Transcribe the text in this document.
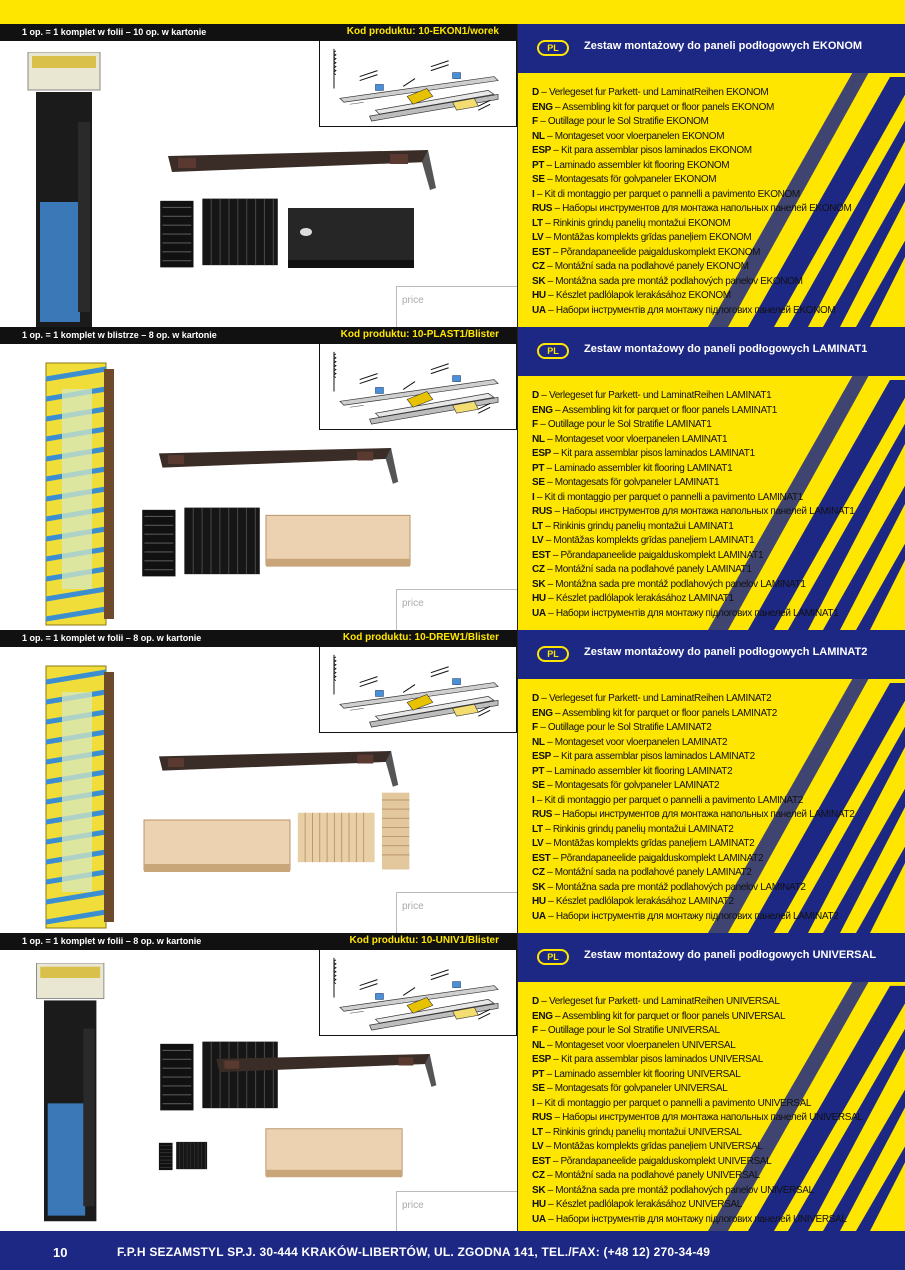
1 op. = 1 komplet w folii – 10 op. w kartonie	Kod produktu: 10-EKON1/worek
price
PL	Zestaw montażowy do paneli podłogowych EKONOM
D – Verlegeset fur Parkett- und LaminatReihen EKONOM
ENG – Assembling kit for parquet or floor panels EKONOM
F – Outillage pour le Sol Stratifie EKONOM
NL – Montageset voor vloerpanelen EKONOM
ESP – Kit para assemblar pisos laminados EKONOM
PT – Laminado assembler kit flooring EKONOM
SE – Montagesats för golvpaneler EKONOM
I – Kit di montaggio per parquet o pannelli a pavimento EKONOM
RUS – Наборы инструментов для монтажа напольных панелей EKONOM
LT – Rinkinis grindų panelių montažui EKONOM
LV – Montāžas komplekts grīdas paneļiem EKONOM
EST – Põrandapaneelide paigalduskomplekt EKONOM
CZ – Montážní sada na podlahové panely EKONOM
SK – Montážna sada pre montáž podlahových panelov EKONOM
HU – Készlet padlólapok lerakásához EKONOM
UA – Набори інструментів для монтажу підлогових панелей EKONOM
1 op. = 1 komplet w blistrze – 8 op. w kartonie	Kod produktu: 10-PLAST1/Blister
price
PL	Zestaw montażowy do paneli podłogowych LAMINAT1
D – Verlegeset fur Parkett- und LaminatReihen LAMINAT1
ENG – Assembling kit for parquet or floor panels LAMINAT1
F – Outillage pour le Sol Stratifie LAMINAT1
NL – Montageset voor vloerpanelen LAMINAT1
ESP – Kit para assemblar pisos laminados LAMINAT1
PT – Laminado assembler kit flooring LAMINAT1
SE – Montagesats för golvpaneler LAMINAT1
I – Kit di montaggio per parquet o pannelli a pavimento LAMINAT1
RUS – Наборы инструментов для монтажа напольных панелей LAMINAT1
LT – Rinkinis grindų panelių montažui LAMINAT1
LV – Montāžas komplekts grīdas paneļiem LAMINAT1
EST – Põrandapaneelide paigalduskomplekt LAMINAT1
CZ – Montážní sada na podlahové panely LAMINAT1
SK – Montážna sada pre montáž podlahových panelov LAMINAT1
HU – Készlet padlólapok lerakásához LAMINAT1
UA – Набори інструментів для монтажу підлогових панелей LAMINAT1
1 op. = 1 komplet w folii – 8 op. w kartonie	Kod produktu: 10-DREW1/Blister
price
PL	Zestaw montażowy do paneli podłogowych LAMINAT2
D – Verlegeset fur Parkett- und LaminatReihen LAMINAT2
ENG – Assembling kit for parquet or floor panels LAMINAT2
F – Outillage pour le Sol Stratifie LAMINAT2
NL – Montageset voor vloerpanelen LAMINAT2
ESP – Kit para assemblar pisos laminados LAMINAT2
PT – Laminado assembler kit flooring LAMINAT2
SE – Montagesats för golvpaneler LAMINAT2
I – Kit di montaggio per parquet o pannelli a pavimento LAMINAT2
RUS – Наборы инструментов для монтажа напольных панелей LAMINAT2
LT – Rinkinis grindų panelių montažui LAMINAT2
LV – Montāžas komplekts grīdas paneļiem LAMINAT2
EST – Põrandapaneelide paigalduskomplekt LAMINAT2
CZ – Montážní sada na podlahové panely LAMINAT2
SK – Montážna sada pre montáž podlahových panelov LAMINAT2
HU – Készlet padlólapok lerakásához LAMINAT2
UA – Набори інструментів для монтажу підлогових панелей LAMINAT2
1 op. = 1 komplet w folii – 8 op. w kartonie	Kod produktu: 10-UNIV1/Blister
price
PL	Zestaw montażowy do paneli podłogowych UNIVERSAL
D – Verlegeset fur Parkett- und LaminatReihen UNIVERSAL
ENG – Assembling kit for parquet or floor panels UNIVERSAL
F – Outillage pour le Sol Stratifie UNIVERSAL
NL – Montageset voor vloerpanelen UNIVERSAL
ESP – Kit para assemblar pisos laminados UNIVERSAL
PT – Laminado assembler kit flooring UNIVERSAL
SE – Montagesats för golvpaneler UNIVERSAL
I – Kit di montaggio per parquet o pannelli a pavimento UNIVERSAL
RUS – Наборы инструментов для монтажа напольных панелей UNIVERSAL
LT – Rinkinis grindų panelių montažui UNIVERSAL
LV – Montāžas komplekts grīdas paneļiem UNIVERSAL
EST – Põrandapaneelide paigalduskomplekt UNIVERSAL
CZ – Montážní sada na podlahové panely UNIVERSAL
SK – Montážna sada pre montáž podlahových panelov UNIVERSAL
HU – Készlet padlólapok lerakásához UNIVERSAL
UA – Набори інструментів для монтажу підлогових панелей UNIVERSAL
10	F.P.H SEZAMSTYL SP.J. 30-444 KRAKÓW-LIBERTÓW, UL. ZGODNA 141, TEL./FAX: (+48 12) 270-34-49
